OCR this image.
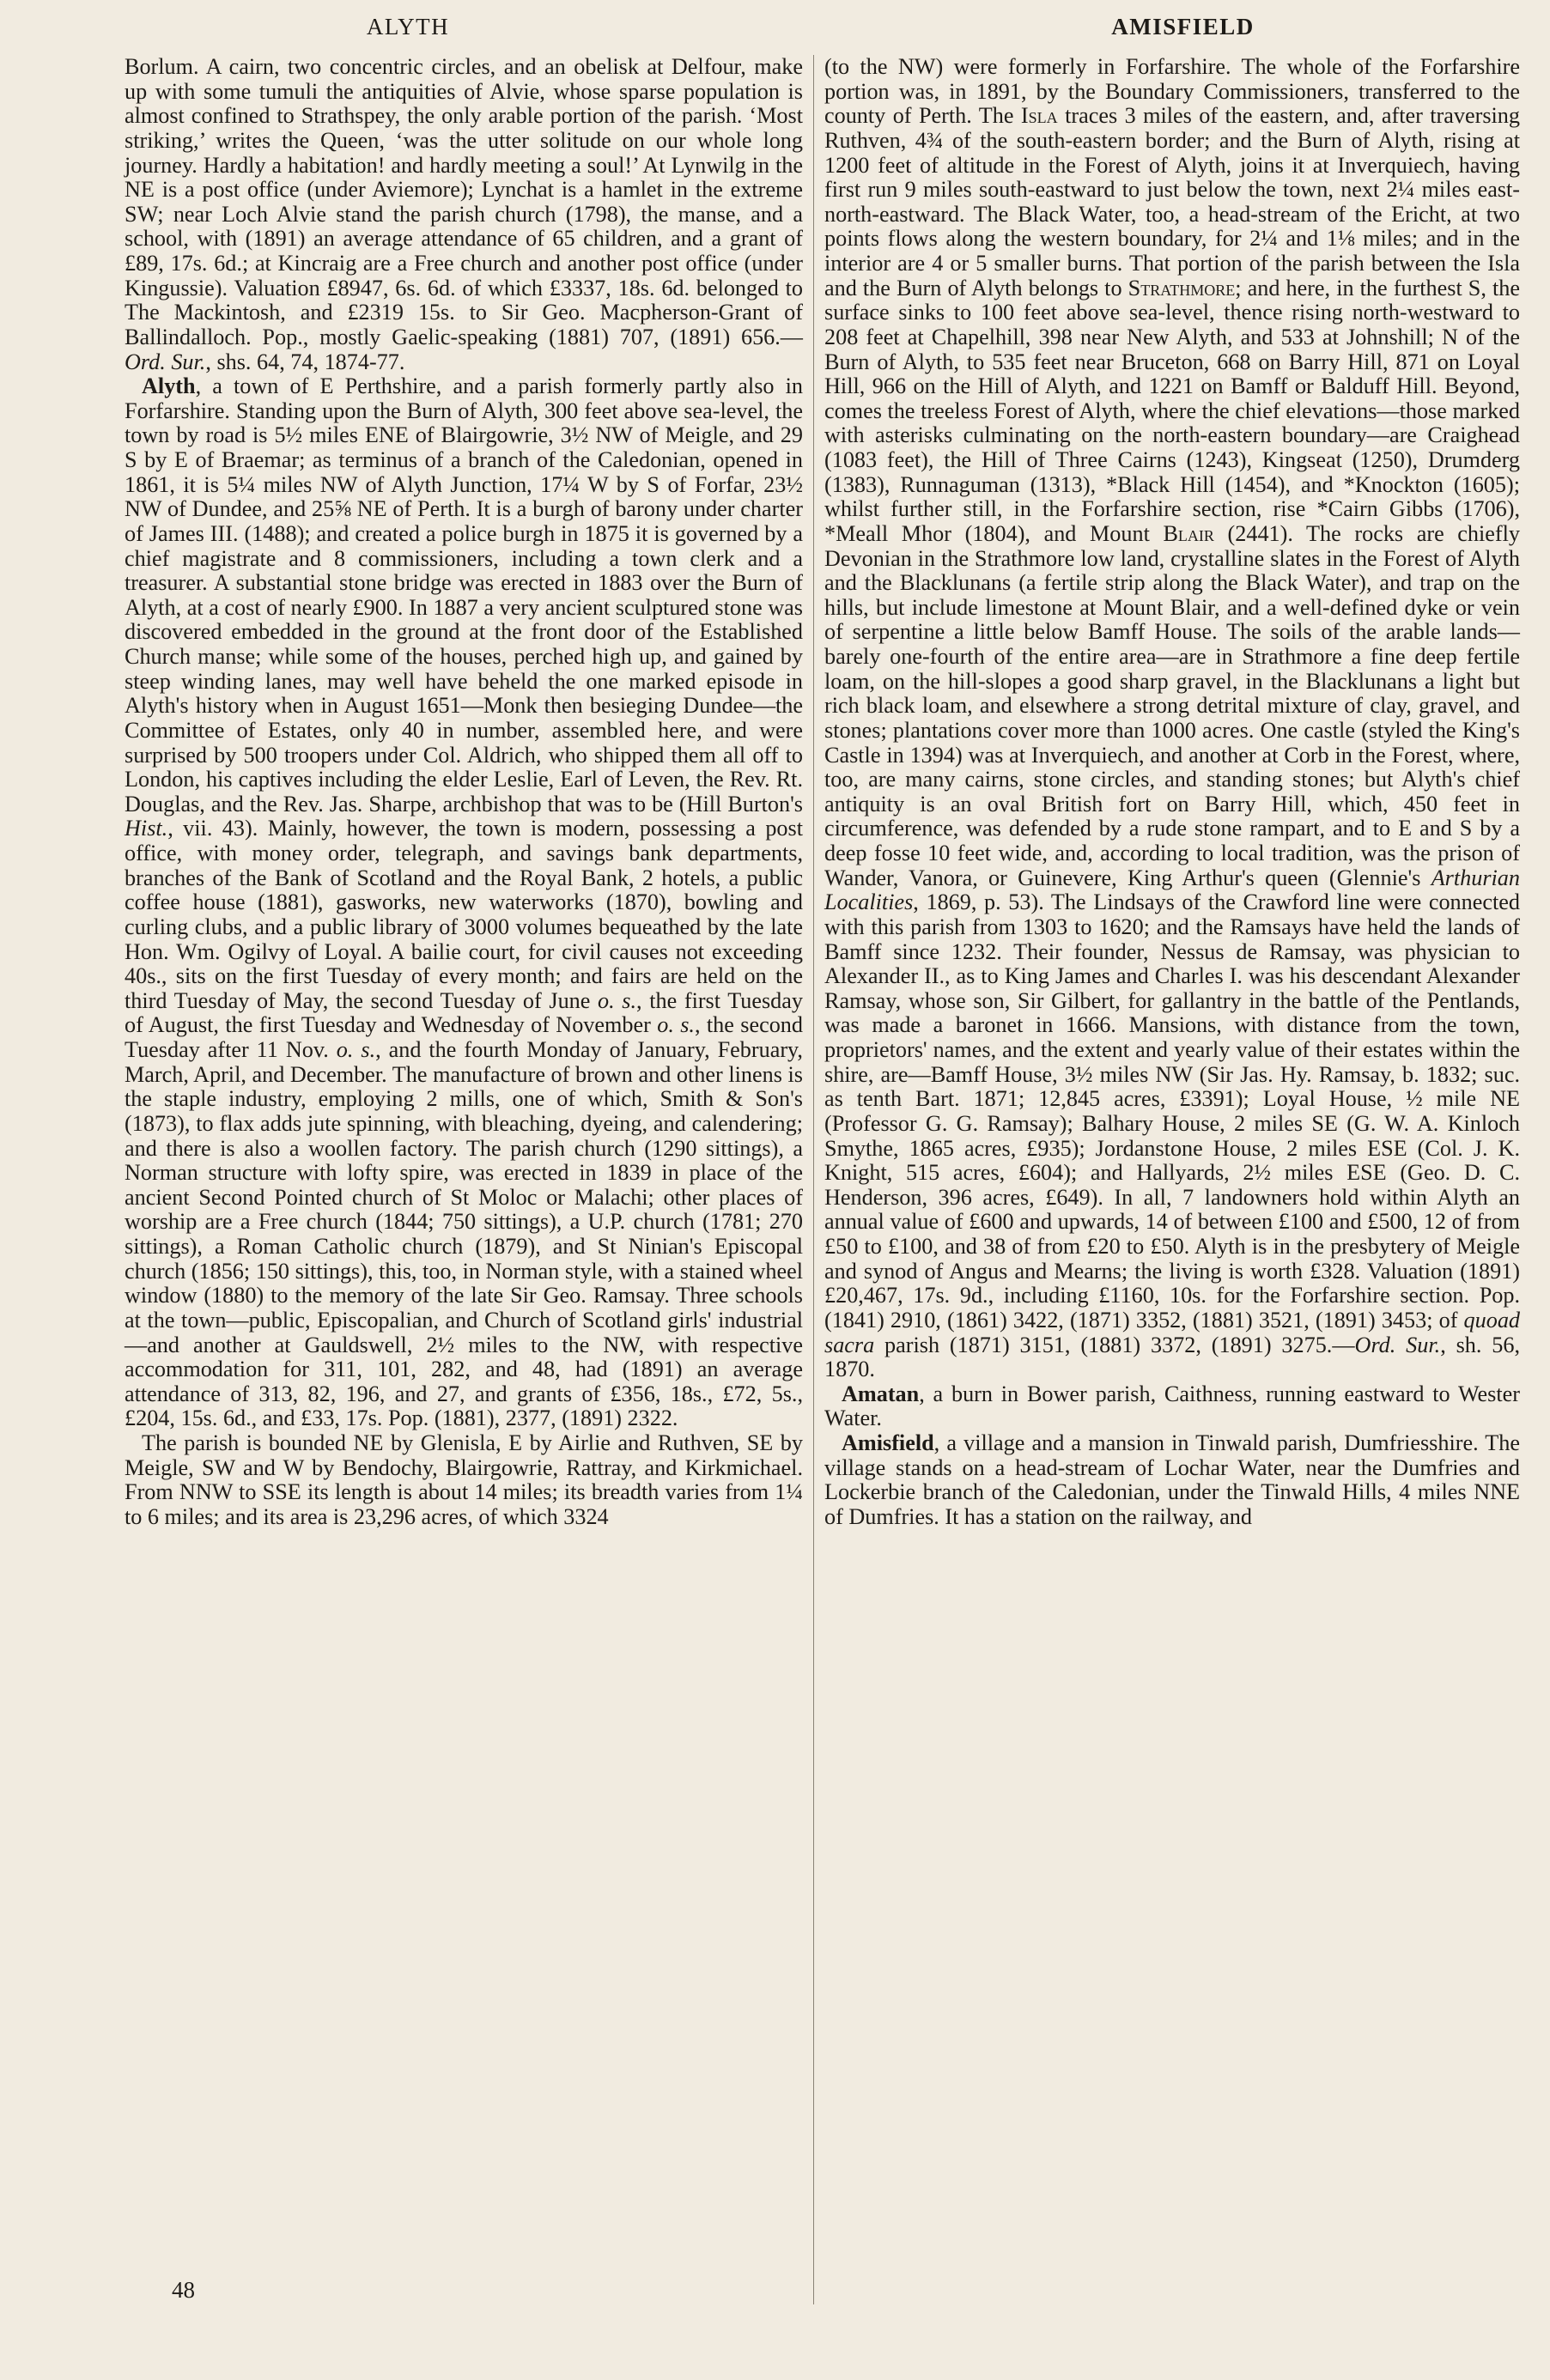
ALYTH	AMISFIELD

Borlum. A cairn, two concentric circles, and an obelisk at Delfour, make up with some tumuli the antiquities of Alvie, whose sparse population is almost confined to Strathspey, the only arable portion of the parish. ‘Most striking,’ writes the Queen, ‘was the utter solitude on our whole long journey. Hardly a habitation! and hardly meeting a soul!’ At Lynwilg in the NE is a post office (under Aviemore); Lynchat is a hamlet in the extreme SW; near Loch Alvie stand the parish church (1798), the manse, and a school, with (1891) an average attendance of 65 children, and a grant of £89, 17s. 6d.; at Kincraig are a Free church and another post office (under Kingussie). Valuation £8947, 6s. 6d. of which £3337, 18s. 6d. belonged to The Mackintosh, and £2319 15s. to Sir Geo. Macpherson-Grant of Ballindalloch. Pop., mostly Gaelic-speaking (1881) 707, (1891) 656.—Ord. Sur., shs. 64, 74, 1874-77.

Alyth, a town of E Perthshire, and a parish formerly partly also in Forfarshire. Standing upon the Burn of Alyth, 300 feet above sea-level, the town by road is 5½ miles ENE of Blairgowrie, 3½ NW of Meigle, and 29 S by E of Braemar; as terminus of a branch of the Caledonian, opened in 1861, it is 5¼ miles NW of Alyth Junction, 17¼ W by S of Forfar, 23½ NW of Dundee, and 25⅝ NE of Perth. It is a burgh of barony under charter of James III. (1488); and created a police burgh in 1875 it is governed by a chief magistrate and 8 commissioners, including a town clerk and a treasurer. A substantial stone bridge was erected in 1883 over the Burn of Alyth, at a cost of nearly £900. In 1887 a very ancient sculptured stone was discovered embedded in the ground at the front door of the Established Church manse; while some of the houses, perched high up, and gained by steep winding lanes, may well have beheld the one marked episode in Alyth's history when in August 1651—Monk then besieging Dundee—the Committee of Estates, only 40 in number, assembled here, and were surprised by 500 troopers under Col. Aldrich, who shipped them all off to London, his captives including the elder Leslie, Earl of Leven, the Rev. Rt. Douglas, and the Rev. Jas. Sharpe, archbishop that was to be (Hill Burton's Hist., vii. 43). Mainly, however, the town is modern, possessing a post office, with money order, telegraph, and savings bank departments, branches of the Bank of Scotland and the Royal Bank, 2 hotels, a public coffee house (1881), gasworks, new waterworks (1870), bowling and curling clubs, and a public library of 3000 volumes bequeathed by the late Hon. Wm. Ogilvy of Loyal. A bailie court, for civil causes not exceeding 40s., sits on the first Tuesday of every month; and fairs are held on the third Tuesday of May, the second Tuesday of June o. s., the first Tuesday of August, the first Tuesday and Wednesday of November o. s., the second Tuesday after 11 Nov. o. s., and the fourth Monday of January, February, March, April, and December. The manufacture of brown and other linens is the staple industry, employing 2 mills, one of which, Smith & Son's (1873), to flax adds jute spinning, with bleaching, dyeing, and calendering; and there is also a woollen factory. The parish church (1290 sittings), a Norman structure with lofty spire, was erected in 1839 in place of the ancient Second Pointed church of St Moloc or Malachi; other places of worship are a Free church (1844; 750 sittings), a U.P. church (1781; 270 sittings), a Roman Catholic church (1879), and St Ninian's Episcopal church (1856; 150 sittings), this, too, in Norman style, with a stained wheel window (1880) to the memory of the late Sir Geo. Ramsay. Three schools at the town—public, Episcopalian, and Church of Scotland girls' industrial—and another at Gauldswell, 2½ miles to the NW, with respective accommodation for 311, 101, 282, and 48, had (1891) an average attendance of 313, 82, 196, and 27, and grants of £356, 18s., £72, 5s., £204, 15s. 6d., and £33, 17s. Pop. (1881), 2377, (1891) 2322.

The parish is bounded NE by Glenisla, E by Airlie and Ruthven, SE by Meigle, SW and W by Bendochy, Blairgowrie, Rattray, and Kirkmichael. From NNW to SSE its length is about 14 miles; its breadth varies from 1¼ to 6 miles; and its area is 23,296 acres, of which 3324

(to the NW) were formerly in Forfarshire. The whole of the Forfarshire portion was, in 1891, by the Boundary Commissioners, transferred to the county of Perth. The Isla traces 3 miles of the eastern, and, after traversing Ruthven, 4¾ of the south-eastern border; and the Burn of Alyth, rising at 1200 feet of altitude in the Forest of Alyth, joins it at Inverquiech, having first run 9 miles south-eastward to just below the town, next 2¼ miles east-north-eastward. The Black Water, too, a head-stream of the Ericht, at two points flows along the western boundary, for 2¼ and 1⅛ miles; and in the interior are 4 or 5 smaller burns. That portion of the parish between the Isla and the Burn of Alyth belongs to Strathmore; and here, in the furthest S, the surface sinks to 100 feet above sea-level, thence rising north-westward to 208 feet at Chapelhill, 398 near New Alyth, and 533 at Johnshill; N of the Burn of Alyth, to 535 feet near Bruceton, 668 on Barry Hill, 871 on Loyal Hill, 966 on the Hill of Alyth, and 1221 on Bamff or Balduff Hill. Beyond, comes the treeless Forest of Alyth, where the chief elevations—those marked with asterisks culminating on the north-eastern boundary—are Craighead (1083 feet), the Hill of Three Cairns (1243), Kingseat (1250), Drumderg (1383), Runnaguman (1313), *Black Hill (1454), and *Knockton (1605); whilst further still, in the Forfarshire section, rise *Cairn Gibbs (1706), *Meall Mhor (1804), and Mount Blair (2441). The rocks are chiefly Devonian in the Strathmore low land, crystalline slates in the Forest of Alyth and the Blacklunans (a fertile strip along the Black Water), and trap on the hills, but include limestone at Mount Blair, and a well-defined dyke or vein of serpentine a little below Bamff House. The soils of the arable lands—barely one-fourth of the entire area—are in Strathmore a fine deep fertile loam, on the hill-slopes a good sharp gravel, in the Blacklunans a light but rich black loam, and elsewhere a strong detrital mixture of clay, gravel, and stones; plantations cover more than 1000 acres. One castle (styled the King's Castle in 1394) was at Inverquiech, and another at Corb in the Forest, where, too, are many cairns, stone circles, and standing stones; but Alyth's chief antiquity is an oval British fort on Barry Hill, which, 450 feet in circumference, was defended by a rude stone rampart, and to E and S by a deep fosse 10 feet wide, and, according to local tradition, was the prison of Wander, Vanora, or Guinevere, King Arthur's queen (Glennie's Arthurian Localities, 1869, p. 53). The Lindsays of the Crawford line were connected with this parish from 1303 to 1620; and the Ramsays have held the lands of Bamff since 1232. Their founder, Nessus de Ramsay, was physician to Alexander II., as to King James and Charles I. was his descendant Alexander Ramsay, whose son, Sir Gilbert, for gallantry in the battle of the Pentlands, was made a baronet in 1666. Mansions, with distance from the town, proprietors' names, and the extent and yearly value of their estates within the shire, are—Bamff House, 3½ miles NW (Sir Jas. Hy. Ramsay, b. 1832; suc. as tenth Bart. 1871; 12,845 acres, £3391); Loyal House, ½ mile NE (Professor G. G. Ramsay); Balhary House, 2 miles SE (G. W. A. Kinloch Smythe, 1865 acres, £935); Jordanstone House, 2 miles ESE (Col. J. K. Knight, 515 acres, £604); and Hallyards, 2½ miles ESE (Geo. D. C. Henderson, 396 acres, £649). In all, 7 landowners hold within Alyth an annual value of £600 and upwards, 14 of between £100 and £500, 12 of from £50 to £100, and 38 of from £20 to £50. Alyth is in the presbytery of Meigle and synod of Angus and Mearns; the living is worth £328. Valuation (1891) £20,467, 17s. 9d., including £1160, 10s. for the Forfarshire section. Pop. (1841) 2910, (1861) 3422, (1871) 3352, (1881) 3521, (1891) 3453; of quoad sacra parish (1871) 3151, (1881) 3372, (1891) 3275.—Ord. Sur., sh. 56, 1870.

Amatan, a burn in Bower parish, Caithness, running eastward to Wester Water.

Amisfield, a village and a mansion in Tinwald parish, Dumfriesshire. The village stands on a head-stream of Lochar Water, near the Dumfries and Lockerbie branch of the Caledonian, under the Tinwald Hills, 4 miles NNE of Dumfries. It has a station on the railway, and

48
